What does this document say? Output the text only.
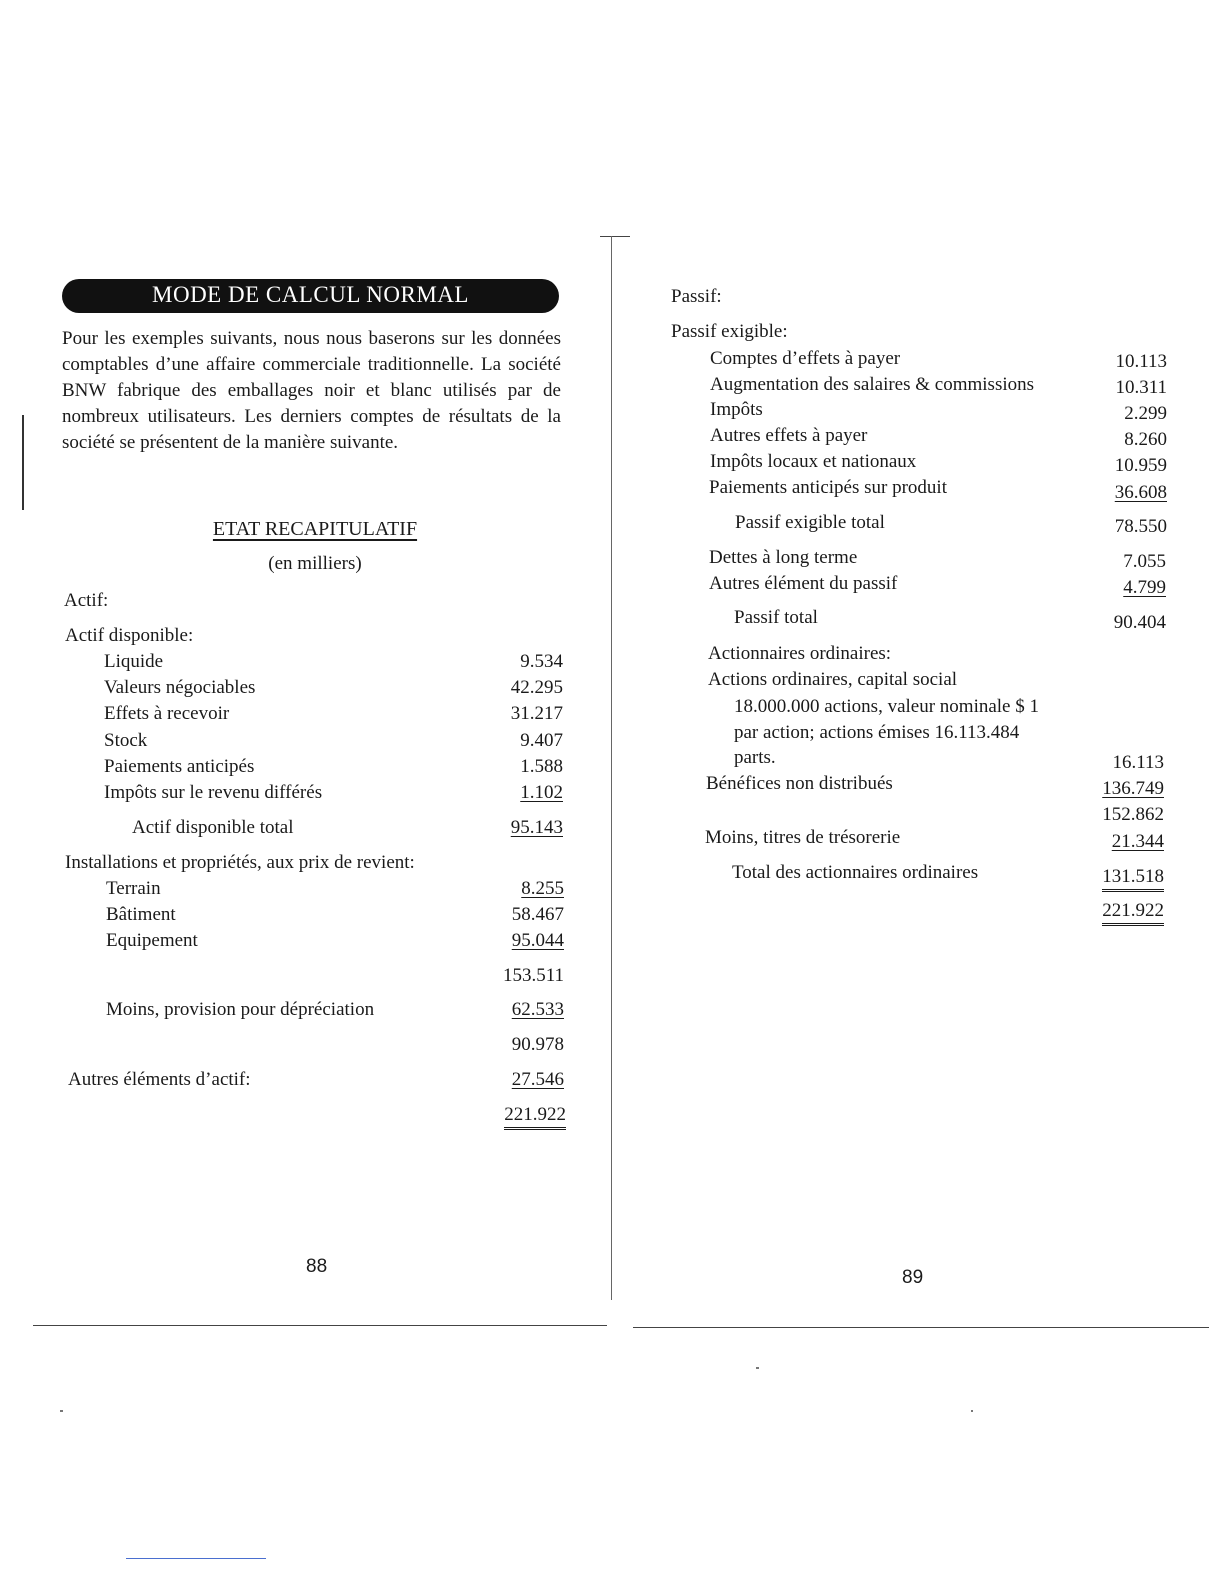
MODE DE CALCUL NORMAL
Pour les exemples suivants, nous nous baserons sur les données comptables d’une affaire commerciale traditionnelle. La société BNW fabrique des emballages noir et blanc utilisés par de nombreux utilisateurs. Les derniers comptes de résultats de la société se présentent de la manière suivante.
ETAT RECAPITULATIF
(en milliers)
Actif:
Actif disponible:
Liquide	9.534
Valeurs négociables	42.295
Effets à recevoir	31.217
Stock	9.407
Paiements anticipés	1.588
Impôts sur le revenu différés	1.102
Actif disponible total	95.143
Installations et propriétés, aux prix de revient:
Terrain	8.255
Bâtiment	58.467
Equipement	95.044
153.511
Moins, provision pour dépréciation	62.533
90.978
Autres éléments d’actif:	27.546
221.922
88
Passif:
Passif exigible:
Comptes d’effets à payer	10.113
Augmentation des salaires & commissions	10.311
Impôts	2.299
Autres effets à payer	8.260
Impôts locaux et nationaux	10.959
Paiements anticipés sur produit	36.608
Passif exigible total	78.550
Dettes à long terme	7.055
Autres élément du passif	4.799
Passif total	90.404
Actionnaires ordinaires:
Actions ordinaires, capital social
18.000.000 actions, valeur nominale $ 1
par action; actions émises 16.113.484
parts.	16.113
Bénéfices non distribués	136.749
152.862
Moins, titres de trésorerie	21.344
Total des actionnaires ordinaires	131.518
221.922
89
